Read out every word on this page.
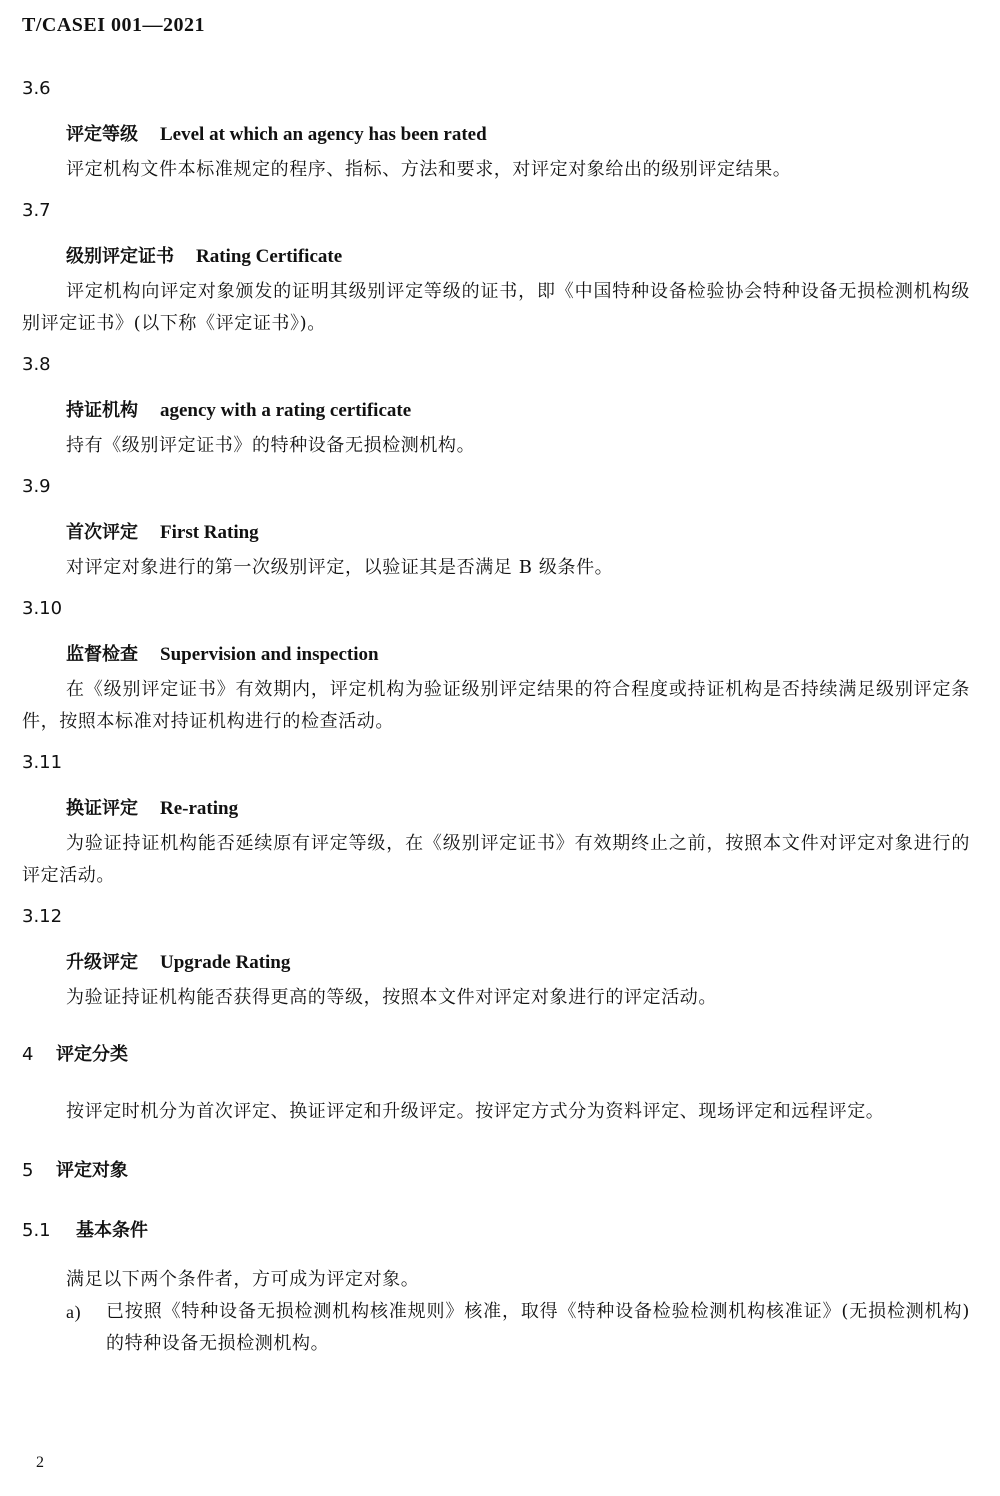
T/CASEI 001—2021

3.6

评定等级 Level at which an agency has been rated

评定机构文件本标准规定的程序、指标、方法和要求，对评定对象给出的级别评定结果。

3.7

级别评定证书 Rating Certificate

评定机构向评定对象颁发的证明其级别评定等级的证书，即《中国特种设备检验协会特种设备无损检测机构级别评定证书》(以下称《评定证书》)。

3.8

持证机构 agency with a rating certificate

持有《级别评定证书》的特种设备无损检测机构。

3.9

首次评定 First Rating

对评定对象进行的第一次级别评定，以验证其是否满足 B 级条件。

3.10

监督检查 Supervision and inspection

在《级别评定证书》有效期内，评定机构为验证级别评定结果的符合程度或持证机构是否持续满足级别评定条件，按照本标准对持证机构进行的检查活动。

3.11

换证评定 Re-rating

为验证持证机构能否延续原有评定等级，在《级别评定证书》有效期终止之前，按照本文件对评定对象进行的评定活动。

3.12

升级评定 Upgrade Rating

为验证持证机构能否获得更高的等级，按照本文件对评定对象进行的评定活动。

4 评定分类

按评定时机分为首次评定、换证评定和升级评定。按评定方式分为资料评定、现场评定和远程评定。

5 评定对象

5.1 基本条件

满足以下两个条件者，方可成为评定对象。

a) 已按照《特种设备无损检测机构核准规则》核准，取得《特种设备检验检测机构核准证》(无损检测机构)的特种设备无损检测机构。

2
